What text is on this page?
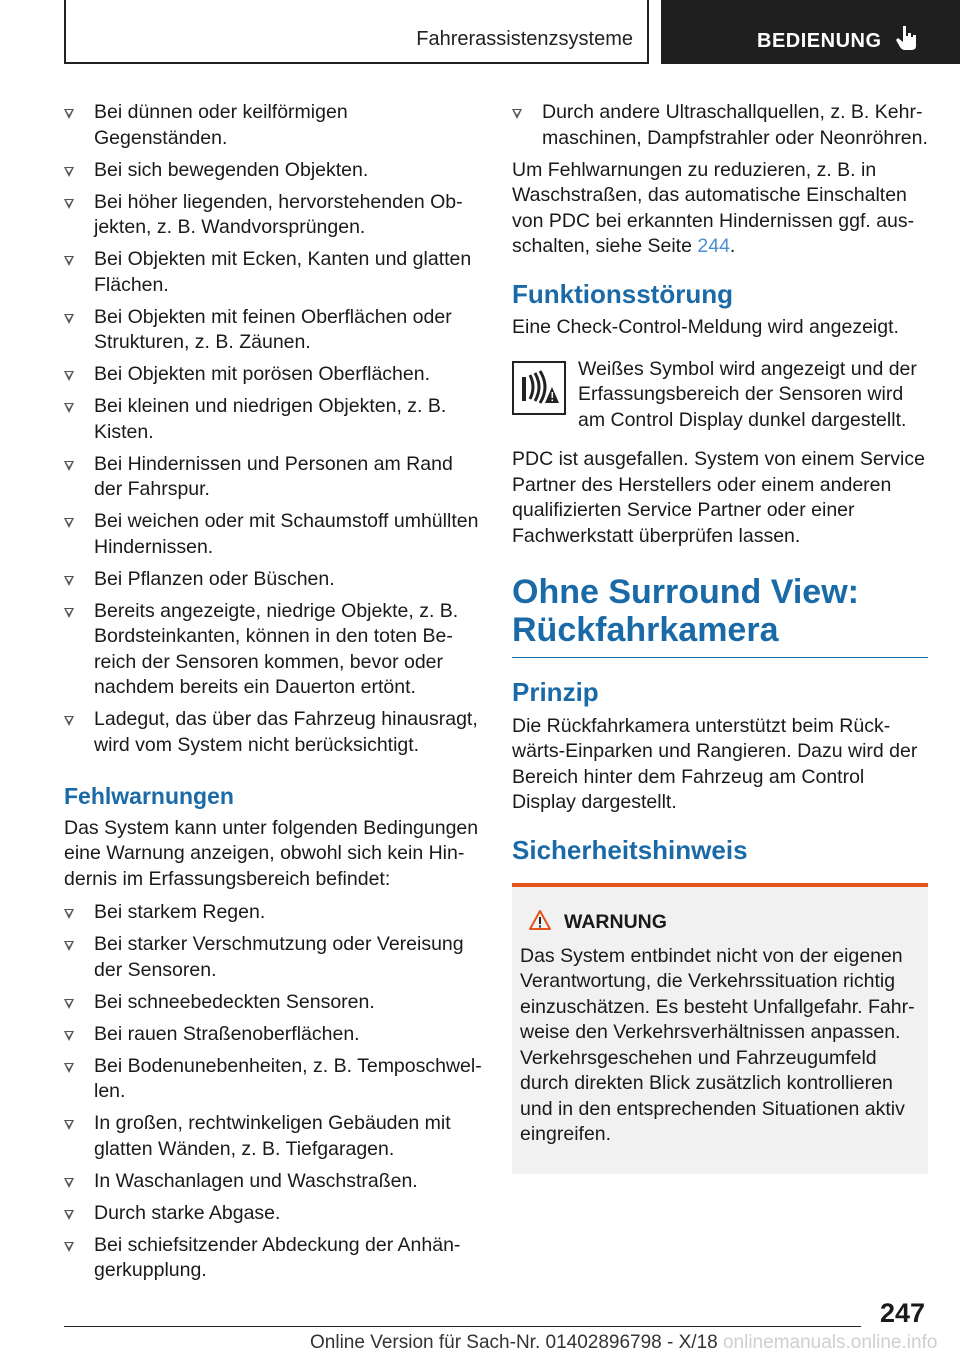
Fahrerassistenzsysteme	BEDIENUNG
Bei dünnen oder keilförmigen Gegenständen.
Bei sich bewegenden Objekten.
Bei höher liegenden, hervorstehenden Objekten, z. B. Wandvorsprüngen.
Bei Objekten mit Ecken, Kanten und glatten Flächen.
Bei Objekten mit feinen Oberflächen oder Strukturen, z. B. Zäunen.
Bei Objekten mit porösen Oberflächen.
Bei kleinen und niedrigen Objekten, z. B. Kisten.
Bei Hindernissen und Personen am Rand der Fahrspur.
Bei weichen oder mit Schaumstoff umhüllten Hindernissen.
Bei Pflanzen oder Büschen.
Bereits angezeigte, niedrige Objekte, z. B. Bordsteinkanten, können in den toten Bereich der Sensoren kommen, bevor oder nachdem bereits ein Dauerton ertönt.
Ladegut, das über das Fahrzeug hinausragt, wird vom System nicht berücksichtigt.
Fehlwarnungen

Das System kann unter folgenden Bedingungen eine Warnung anzeigen, obwohl sich kein Hindernis im Erfassungsbereich befindet:

Bei starkem Regen.
Bei starker Verschmutzung oder Vereisung der Sensoren.
Bei schneebedeckten Sensoren.
Bei rauen Straßenoberflächen.
Bei Bodenunebenheiten, z. B. Temposchwellen.
In großen, rechtwinkeligen Gebäuden mit glatten Wänden, z. B. Tiefgaragen.
In Waschanlagen und Waschstraßen.
Durch starke Abgase.
Bei schiefsitzender Abdeckung der Anhängerkupplung.
Durch andere Ultraschallquellen, z. B. Kehrmaschinen, Dampfstrahler oder Neonröhren.

Um Fehlwarnungen zu reduzieren, z. B. in Waschstraßen, das automatische Einschalten von PDC bei erkannten Hindernissen ggf. ausschalten, siehe Seite 244.

Funktionsstörung

Eine Check-Control-Meldung wird angezeigt.

Weißes Symbol wird angezeigt und der Erfassungsbereich der Sensoren wird am Control Display dunkel dargestellt.

PDC ist ausgefallen. System von einem Service Partner des Herstellers oder einem anderen qualifizierten Service Partner oder einer Fachwerkstatt überprüfen lassen.

Ohne Surround View:
Rückfahrkamera
Prinzip

Die Rückfahrkamera unterstützt beim Rückwärts-Einparken und Rangieren. Dazu wird der Bereich hinter dem Fahrzeug am Control Display dargestellt.

Sicherheitshinweis
WARNUNG

Das System entbindet nicht von der eigenen Verantwortung, die Verkehrssituation richtig einzuschätzen. Es besteht Unfallgefahr. Fahrweise den Verkehrsverhältnissen anpassen. Verkehrsgeschehen und Fahrzeugumfeld durch direkten Blick zusätzlich kontrollieren und in den entsprechenden Situationen aktiv eingreifen.

247
Online Version für Sach-Nr. 01402896798 - X/18 onlinemanuals.online.info
